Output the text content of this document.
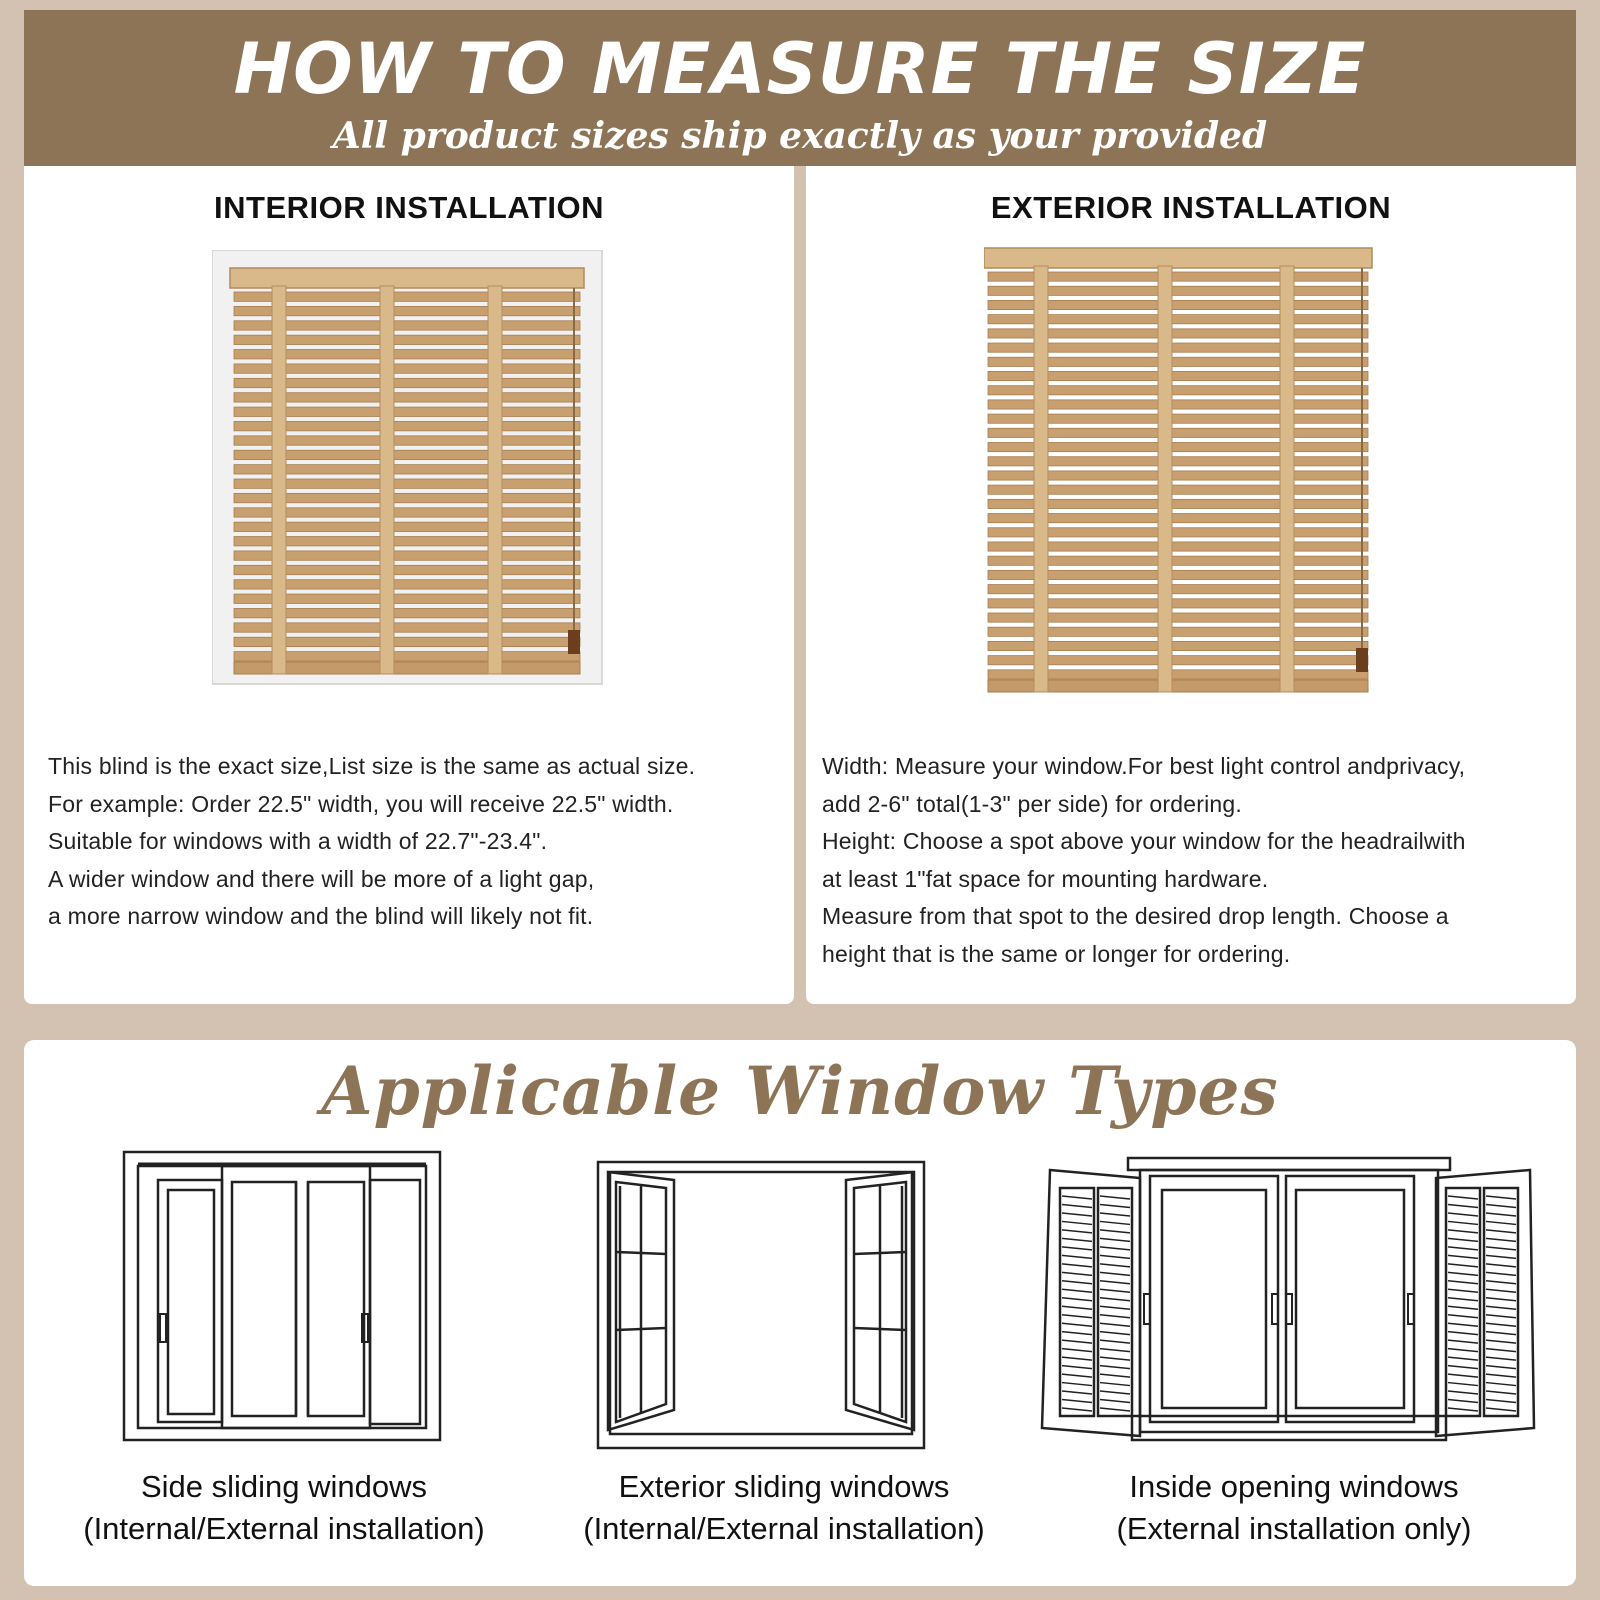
HOW TO MEASURE THE SIZE
All product sizes ship exactly as your provided
INTERIOR INSTALLATION

This blind is the exact size,List size is the same as actual size.

For example: Order 22.5" width, you will receive 22.5" width.

Suitable for windows with a width of 22.7"-23.4".

A wider window and there will be more of a light gap,

a more narrow window and the blind will likely not fit.

EXTERIOR INSTALLATION

Width: Measure your window.For best light control andprivacy,

add 2-6" total(1-3" per side) for ordering.

Height: Choose a spot above your window for the headrailwith

at least 1"fat space for mounting hardware.

Measure from that spot to the desired drop length. Choose a

height that is the same or longer for ordering.

Applicable Window Types

Side sliding windows

(Internal/External installation)

Exterior sliding windows

(Internal/External installation)

Inside opening windows

(External installation only)
